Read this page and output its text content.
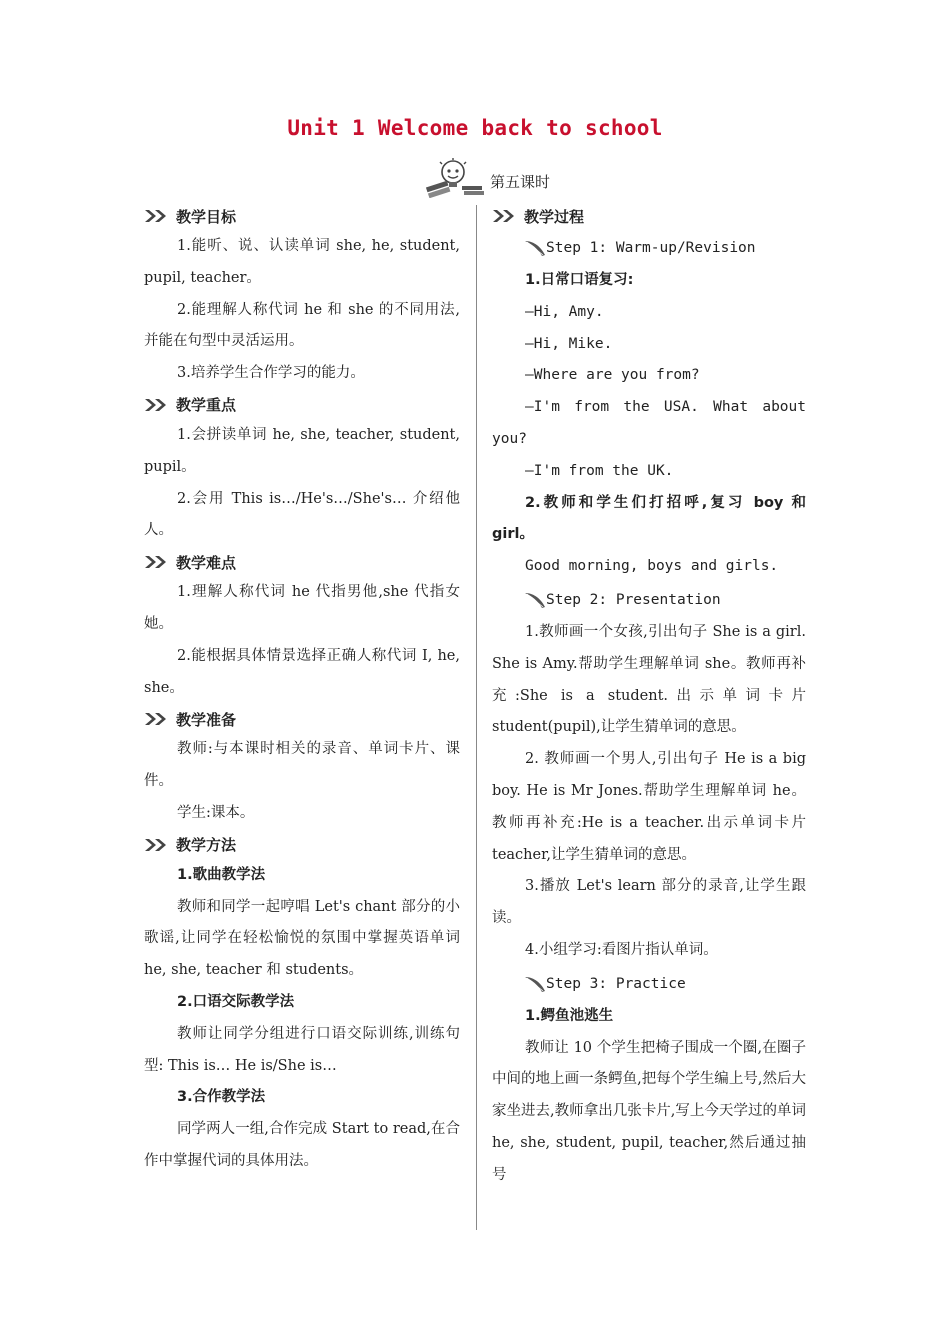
Unit 1 Welcome back to school
第五课时
教学目标

1.能听、说、认读单词 she, he, student, pupil, teacher。

2.能理解人称代词 he 和 she 的不同用法,并能在句型中灵活运用。

3.培养学生合作学习的能力。

教学重点

1.会拼读单词 he, she, teacher, student, pupil。

2.会用 This is…/He's…/She's… 介绍他人。

教学难点

1.理解人称代词 he 代指男他,she 代指女她。

2.能根据具体情景选择正确人称代词 I, he, she。

教学准备

教师:与本课时相关的录音、单词卡片、课件。

学生:课本。

教学方法

1.歌曲教学法

教师和同学一起哼唱 Let's chant 部分的小歌谣,让同学在轻松愉悦的氛围中掌握英语单词 he, she, teacher 和 students。

2.口语交际教学法

教师让同学分组进行口语交际训练,训练句型: This is… He is/She is…

3.合作教学法

同学两人一组,合作完成 Start to read,在合作中掌握代词的具体用法。

教学过程
Step 1: Warm-up/Revision

1.日常口语复习:

—Hi, Amy.

—Hi, Mike.

—Where are you from?

—I'm from the USA. What about you?

—I'm from the UK.

2.教师和学生们打招呼,复习 boy 和 girl。

Good morning, boys and girls.

Step 2: Presentation

1.教师画一个女孩,引出句子 She is a girl. She is Amy.帮助学生理解单词 she。教师再补充:She is a student.出示单词卡片 student(pupil),让学生猜单词的意思。

2. 教师画一个男人,引出句子 He is a big boy. He is Mr Jones.帮助学生理解单词 he。教师再补充:He is a teacher.出示单词卡片 teacher,让学生猜单词的意思。

3.播放 Let's learn 部分的录音,让学生跟读。

4.小组学习:看图片指认单词。

Step 3: Practice

1.鳄鱼池逃生

教师让 10 个学生把椅子围成一个圈,在圈子中间的地上画一条鳄鱼,把每个学生编上号,然后大家坐进去,教师拿出几张卡片,写上今天学过的单词 he, she, student, pupil, teacher,然后通过抽号
